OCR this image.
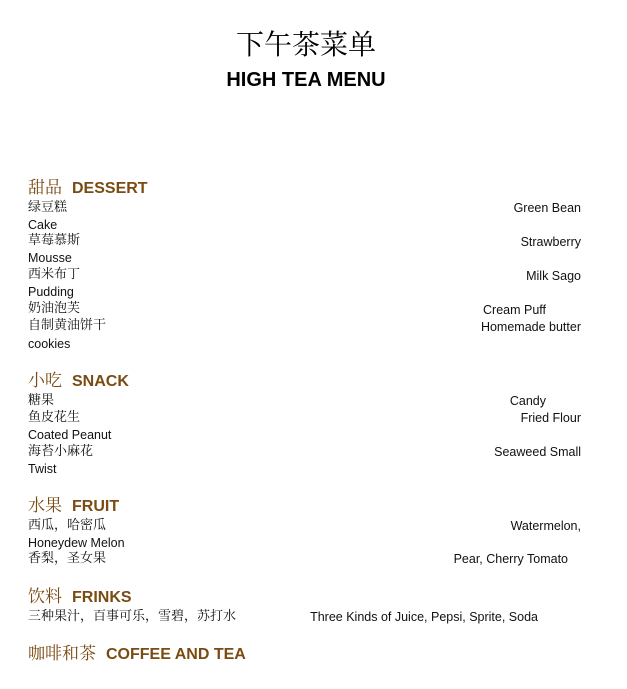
下午茶菜单
HIGH TEA MENU
甜品 DESSERT
绿豆糕
Cake
草莓慕斯
Mousse
西米布丁
Pudding
奶油泡芙
自制黄油饼干
cookies
Green Bean
Strawberry
Milk Sago
Cream Puff
Homemade butter
小吃 SNACK
糖果
鱼皮花生
Coated Peanut
海苔小麻花
Twist
Candy
Fried Flour
Seaweed Small
水果 FRUIT
西瓜，哈密瓜
Honeydew Melon
香梨，圣女果
Watermelon,
Pear, Cherry Tomato
饮料 FRINKS
三种果汁，百事可乐，雪碧，苏打水	Three Kinds of Juice, Pepsi, Sprite, Soda
咖啡和茶 COFFEE AND TEA
